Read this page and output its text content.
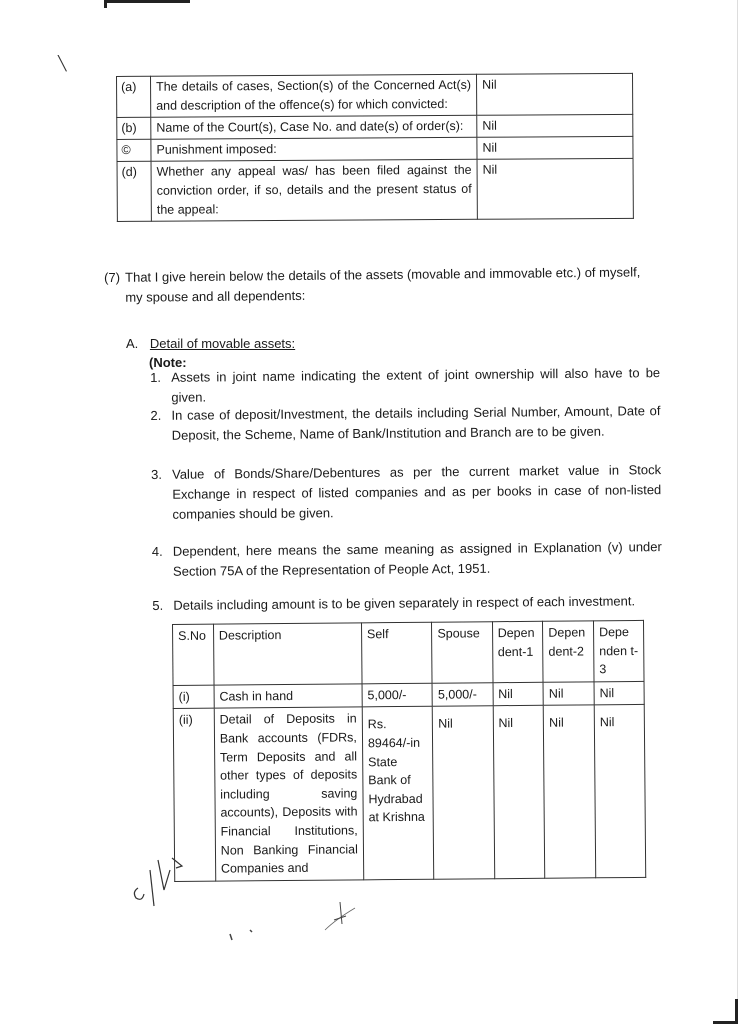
╲
(a)	The details of cases, Section(s) of the Concerned Act(s) and description of the offence(s) for which convicted:	Nil
(b)	Name of the Court(s), Case No. and date(s) of order(s):	Nil
©	Punishment imposed:	Nil
(d)	Whether any appeal was/ has been filed against the conviction order, if so, details and the present status of the appeal:	Nil
(7) That I give herein below the details of the assets (movable and immovable etc.) of myself, my spouse and all dependents:
A. Detail of movable assets:
(Note:
1. Assets in joint name indicating the extent of joint ownership will also have to be given.
2. In case of deposit/Investment, the details including Serial Number, Amount, Date of Deposit, the Scheme, Name of Bank/Institution and Branch are to be given.
3. Value of Bonds/Share/Debentures as per the current market value in Stock Exchange in respect of listed companies and as per books in case of non-listed companies should be given.
4. Dependent, here means the same meaning as assigned in Explanation (v) under Section 75A of the Representation of People Act, 1951.
5. Details including amount is to be given separately in respect of each investment.
S.No	Description	Self	Spouse	Depen dent-1	Depen dent-2	Depe nden t-3
(i)	Cash in hand	5,000/-	5,000/-	Nil	Nil	Nil
(ii)	Detail of Deposits in Bank accounts (FDRs, Term Deposits and all other types of deposits including saving accounts), Deposits with Financial Institutions, Non Banking Financial Companies and	Rs. 89464/-in State Bank of Hydrabad at Krishna	Nil	Nil	Nil	Nil
